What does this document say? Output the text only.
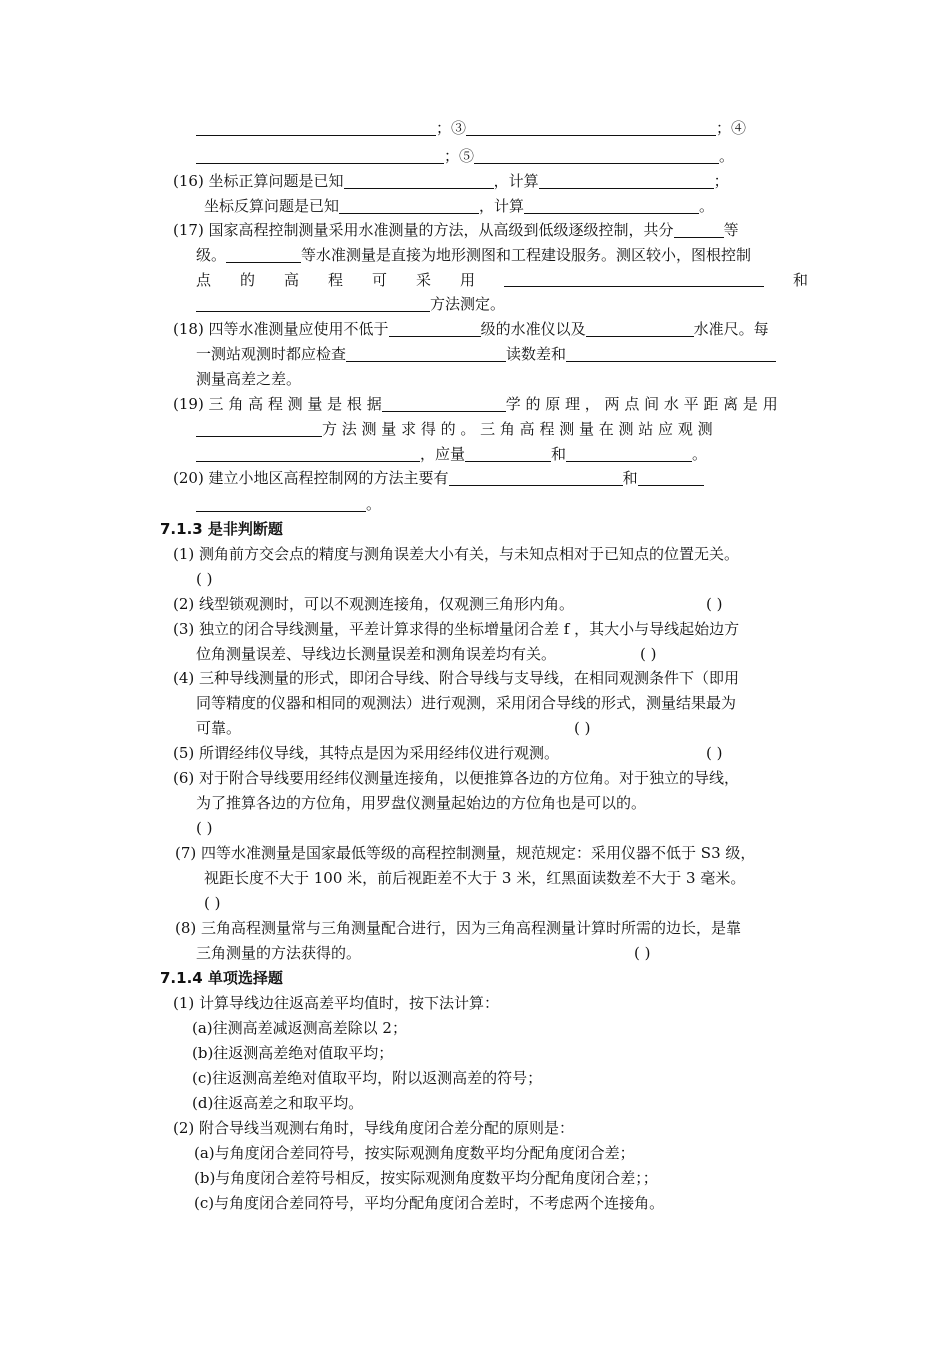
；③	；④
；⑤	。
(16) 坐标正算问题是已知	，计算	；
坐标反算问题是已知	，计算	。
(17) 国家高程控制测量采用水准测量的方法，从高级到低级逐级控制，共分	等
级。	等水准测量是直接为地形测图和工程建设服务。测区较小，图根控制
点 的 高 程 可 采 用	和
方法测定。
(18) 四等水准测量应使用不低于	级的水准仪以及	水准尺。每
一测站观测时都应检查	读数差和
测量高差之差。
(19) 三 角 高 程 测 量 是 根 据	学 的 原 理 ， 两 点 间 水 平 距 离 是 用
方 法 测 量 求 得 的 。 三 角 高 程 测 量 在 测 站 应 观 测
，应量	和	。
(20) 建立小地区高程控制网的方法主要有	和
。
7.1.3 是非判断题
(1) 测角前方交会点的精度与测角误差大小有关，与未知点相对于已知点的位置无关。
( )
(2) 线型锁观测时，可以不观测连接角，仅观测三角形内角。	( )
(3) 独立的闭合导线测量，平差计算求得的坐标增量闭合差 f ，其大小与导线起始边方
位角测量误差、导线边长测量误差和测角误差均有关。	( )
(4) 三种导线测量的形式，即闭合导线、附合导线与支导线，在相同观测条件下（即用
同等精度的仪器和相同的观测法）进行观测，采用闭合导线的形式，测量结果最为
可靠。	( )
(5) 所谓经纬仪导线，其特点是因为采用经纬仪进行观测。	( )
(6) 对于附合导线要用经纬仪测量连接角，以便推算各边的方位角。对于独立的导线，
为了推算各边的方位角，用罗盘仪测量起始边的方位角也是可以的。
( )
(7) 四等水准测量是国家最低等级的高程控制测量，规范规定：采用仪器不低于 S3 级，
视距长度不大于 100 米，前后视距差不大于 3 米，红黑面读数差不大于 3 毫米。
( )
(8) 三角高程测量常与三角测量配合进行，因为三角高程测量计算时所需的边长，是靠
三角测量的方法获得的。	( )
7.1.4 单项选择题
(1) 计算导线边往返高差平均值时，按下法计算：
(a)往测高差减返测高差除以 2；
(b)往返测高差绝对值取平均；
(c)往返测高差绝对值取平均，附以返测高差的符号；
(d)往返高差之和取平均。
(2) 附合导线当观测右角时，导线角度闭合差分配的原则是：
(a)与角度闭合差同符号，按实际观测角度数平均分配角度闭合差；
(b)与角度闭合差符号相反，按实际观测角度数平均分配角度闭合差；；
(c)与角度闭合差同符号，平均分配角度闭合差时，不考虑两个连接角。
